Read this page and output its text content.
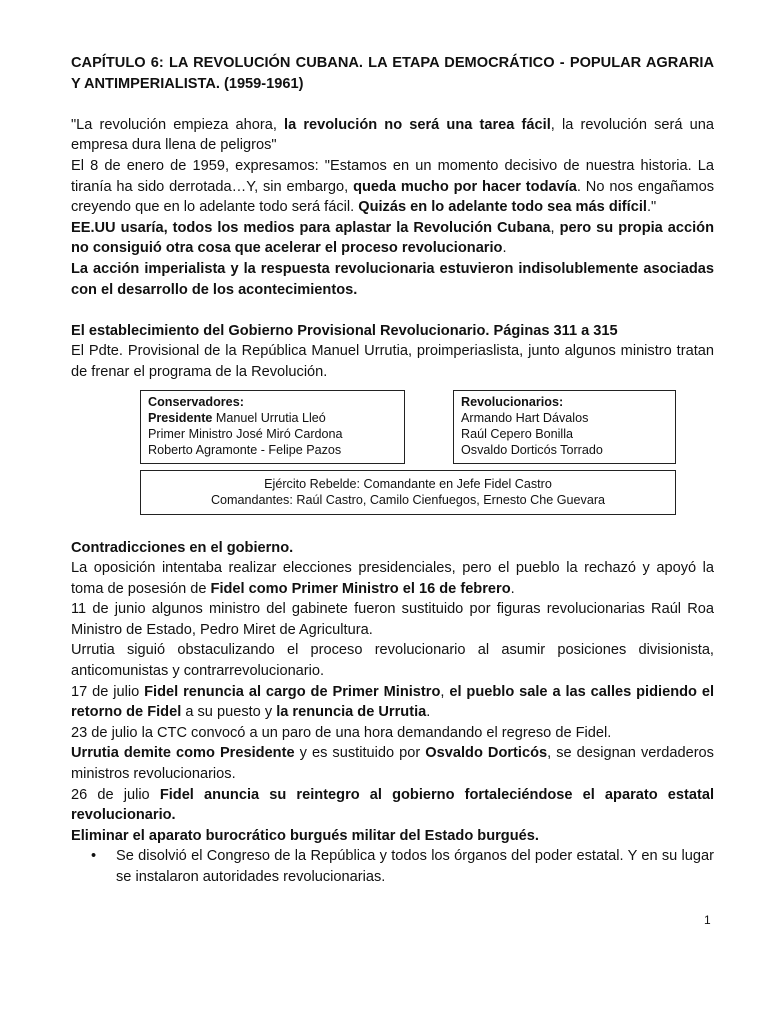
CAPÍTULO 6: LA REVOLUCIÓN CUBANA. LA ETAPA DEMOCRÁTICO - POPULAR AGRARIA Y ANTIMPERIALISTA. (1959-1961)

"La revolución empieza ahora, la revolución no será una tarea fácil, la revolución será una empresa dura llena de peligros"

El 8 de enero de 1959, expresamos: "Estamos en un momento decisivo de nuestra historia. La tiranía ha sido derrotada…Y, sin embargo, queda mucho por hacer todavía. No nos engañamos creyendo que en lo adelante todo será fácil. Quizás en lo adelante todo sea más difícil."

EE.UU usaría, todos los medios para aplastar la Revolución Cubana, pero su propia acción no consiguió otra cosa que acelerar el proceso revolucionario.

La acción imperialista y la respuesta revolucionaria estuvieron indisolublemente asociadas con el desarrollo de los acontecimientos.

El establecimiento del Gobierno Provisional Revolucionario. Páginas 311 a 315

El Pdte. Provisional de la República Manuel Urrutia, proimperiaslista, junto algunos ministro tratan de frenar el programa de la Revolución.

Conservadores:
Presidente Manuel Urrutia Lleó
Primer Ministro José Miró Cardona
Roberto Agramonte - Felipe Pazos
Revolucionarios:
Armando Hart Dávalos
Raúl Cepero Bonilla
Osvaldo Dorticós Torrado
Ejército Rebelde: Comandante en Jefe Fidel Castro
Comandantes: Raúl Castro, Camilo Cienfuegos, Ernesto Che Guevara

Contradicciones en el gobierno.

La oposición intentaba realizar elecciones presidenciales, pero el pueblo la rechazó y apoyó la toma de posesión de Fidel como Primer Ministro el 16 de febrero.

11 de junio algunos ministro del gabinete fueron sustituido por figuras revolucionarias Raúl Roa Ministro de Estado, Pedro Miret de Agricultura.

Urrutia siguió obstaculizando el proceso revolucionario al asumir posiciones divisionista, anticomunistas y contrarrevolucionario.

17 de julio Fidel renuncia al cargo de Primer Ministro, el pueblo sale a las calles pidiendo el retorno de Fidel a su puesto y la renuncia de Urrutia.

23 de julio la CTC convocó a un paro de una hora demandando el regreso de Fidel.

Urrutia demite como Presidente y es sustituido por Osvaldo Dorticós, se designan verdaderos ministros revolucionarios.

26 de julio Fidel anuncia su reintegro al gobierno fortaleciéndose el aparato estatal revolucionario.

Eliminar el aparato burocrático burgués militar del Estado burgués.

• Se disolvió el Congreso de la República y todos los órganos del poder estatal. Y en su lugar se instalaron autoridades revolucionarias.
1
